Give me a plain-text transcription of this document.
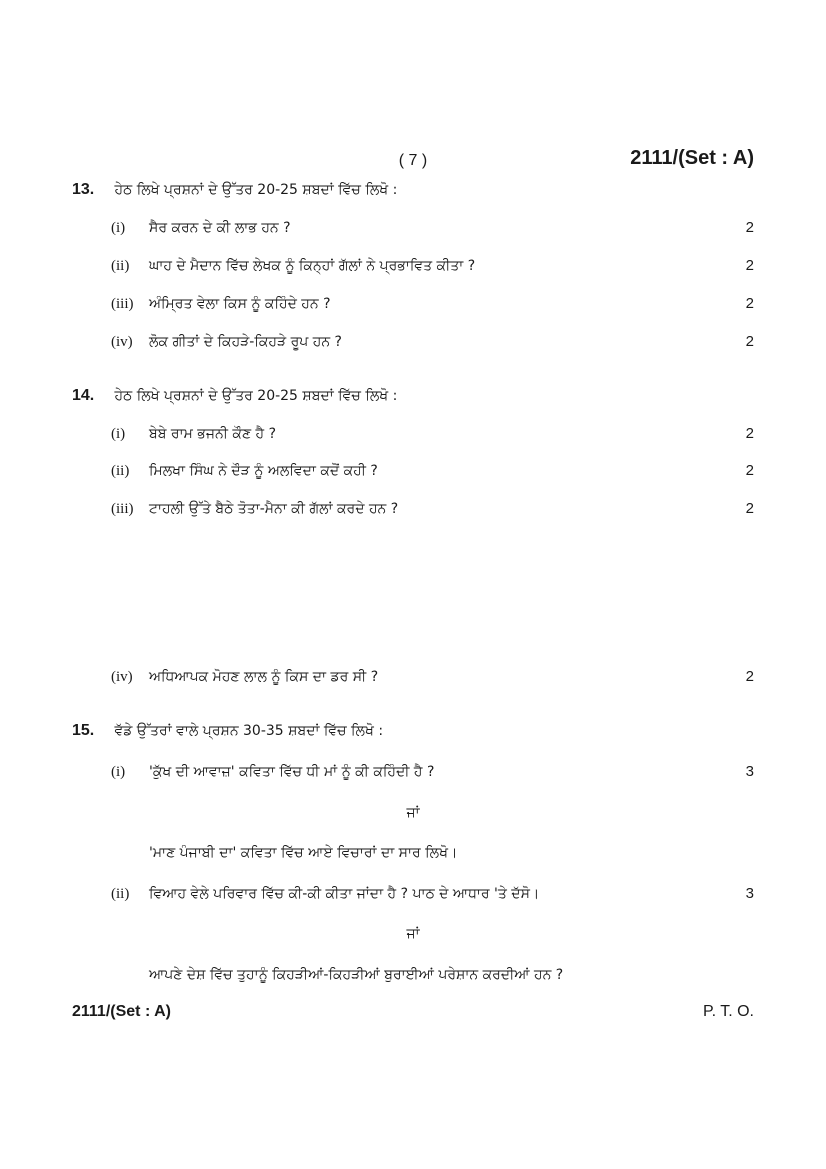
( 7 )	2111/(Set : A)
13. ਹੇਠ ਲਿਖੇ ਪ੍ਰਸ਼ਨਾਂ ਦੇ ਉੱਤਰ 20-25 ਸ਼ਬਦਾਂ ਵਿੱਚ ਲਿਖੋ :
(i) ਸੈਰ ਕਰਨ ਦੇ ਕੀ ਲਾਭ ਹਨ ?	2
(ii) ਘਾਹ ਦੇ ਮੈਦਾਨ ਵਿੱਚ ਲੇਖਕ ਨੂੰ ਕਿਨ੍ਹਾਂ ਗੱਲਾਂ ਨੇ ਪ੍ਰਭਾਵਿਤ ਕੀਤਾ ?	2
(iii) ਅੰਮ੍ਰਿਤ ਵੇਲਾ ਕਿਸ ਨੂੰ ਕਹਿੰਦੇ ਹਨ ?	2
(iv) ਲੋਕ ਗੀਤਾਂ ਦੇ ਕਿਹੜੇ-ਕਿਹੜੇ ਰੂਪ ਹਨ ?	2
14. ਹੇਠ ਲਿਖੇ ਪ੍ਰਸ਼ਨਾਂ ਦੇ ਉੱਤਰ 20-25 ਸ਼ਬਦਾਂ ਵਿੱਚ ਲਿਖੋ :
(i) ਬੇਬੇ ਰਾਮ ਭਜਨੀ ਕੌਣ ਹੈ ?	2
(ii) ਮਿਲਖਾ ਸਿੰਘ ਨੇ ਦੌੜ ਨੂੰ ਅਲਵਿਦਾ ਕਦੋਂ ਕਹੀ ?	2
(iii) ਟਾਹਲੀ ਉੱਤੇ ਬੈਠੇ ਤੋਤਾ-ਮੈਨਾ ਕੀ ਗੱਲਾਂ ਕਰਦੇ ਹਨ ?	2
(iv) ਅਧਿਆਪਕ ਮੋਹਣ ਲਾਲ ਨੂੰ ਕਿਸ ਦਾ ਡਰ ਸੀ ?	2
15. ਵੱਡੇ ਉੱਤਰਾਂ ਵਾਲੇ ਪ੍ਰਸ਼ਨ 30-35 ਸ਼ਬਦਾਂ ਵਿੱਚ ਲਿਖੋ :
(i) 'ਕੁੱਖ ਦੀ ਆਵਾਜ਼' ਕਵਿਤਾ ਵਿੱਚ ਧੀ ਮਾਂ ਨੂੰ ਕੀ ਕਹਿੰਦੀ ਹੈ ?	3
ਜਾਂ
'ਮਾਣ ਪੰਜਾਬੀ ਦਾ' ਕਵਿਤਾ ਵਿੱਚ ਆਏ ਵਿਚਾਰਾਂ ਦਾ ਸਾਰ ਲਿਖੋ।
(ii) ਵਿਆਹ ਵੇਲੇ ਪਰਿਵਾਰ ਵਿੱਚ ਕੀ-ਕੀ ਕੀਤਾ ਜਾਂਦਾ ਹੈ ? ਪਾਠ ਦੇ ਆਧਾਰ 'ਤੇ ਦੱਸੋ।	3
ਜਾਂ
ਆਪਣੇ ਦੇਸ਼ ਵਿੱਚ ਤੁਹਾਨੂੰ ਕਿਹੜੀਆਂ-ਕਿਹੜੀਆਂ ਬੁਰਾਈਆਂ ਪਰੇਸ਼ਾਨ ਕਰਦੀਆਂ ਹਨ ?
2111/(Set : A)	P. T. O.
